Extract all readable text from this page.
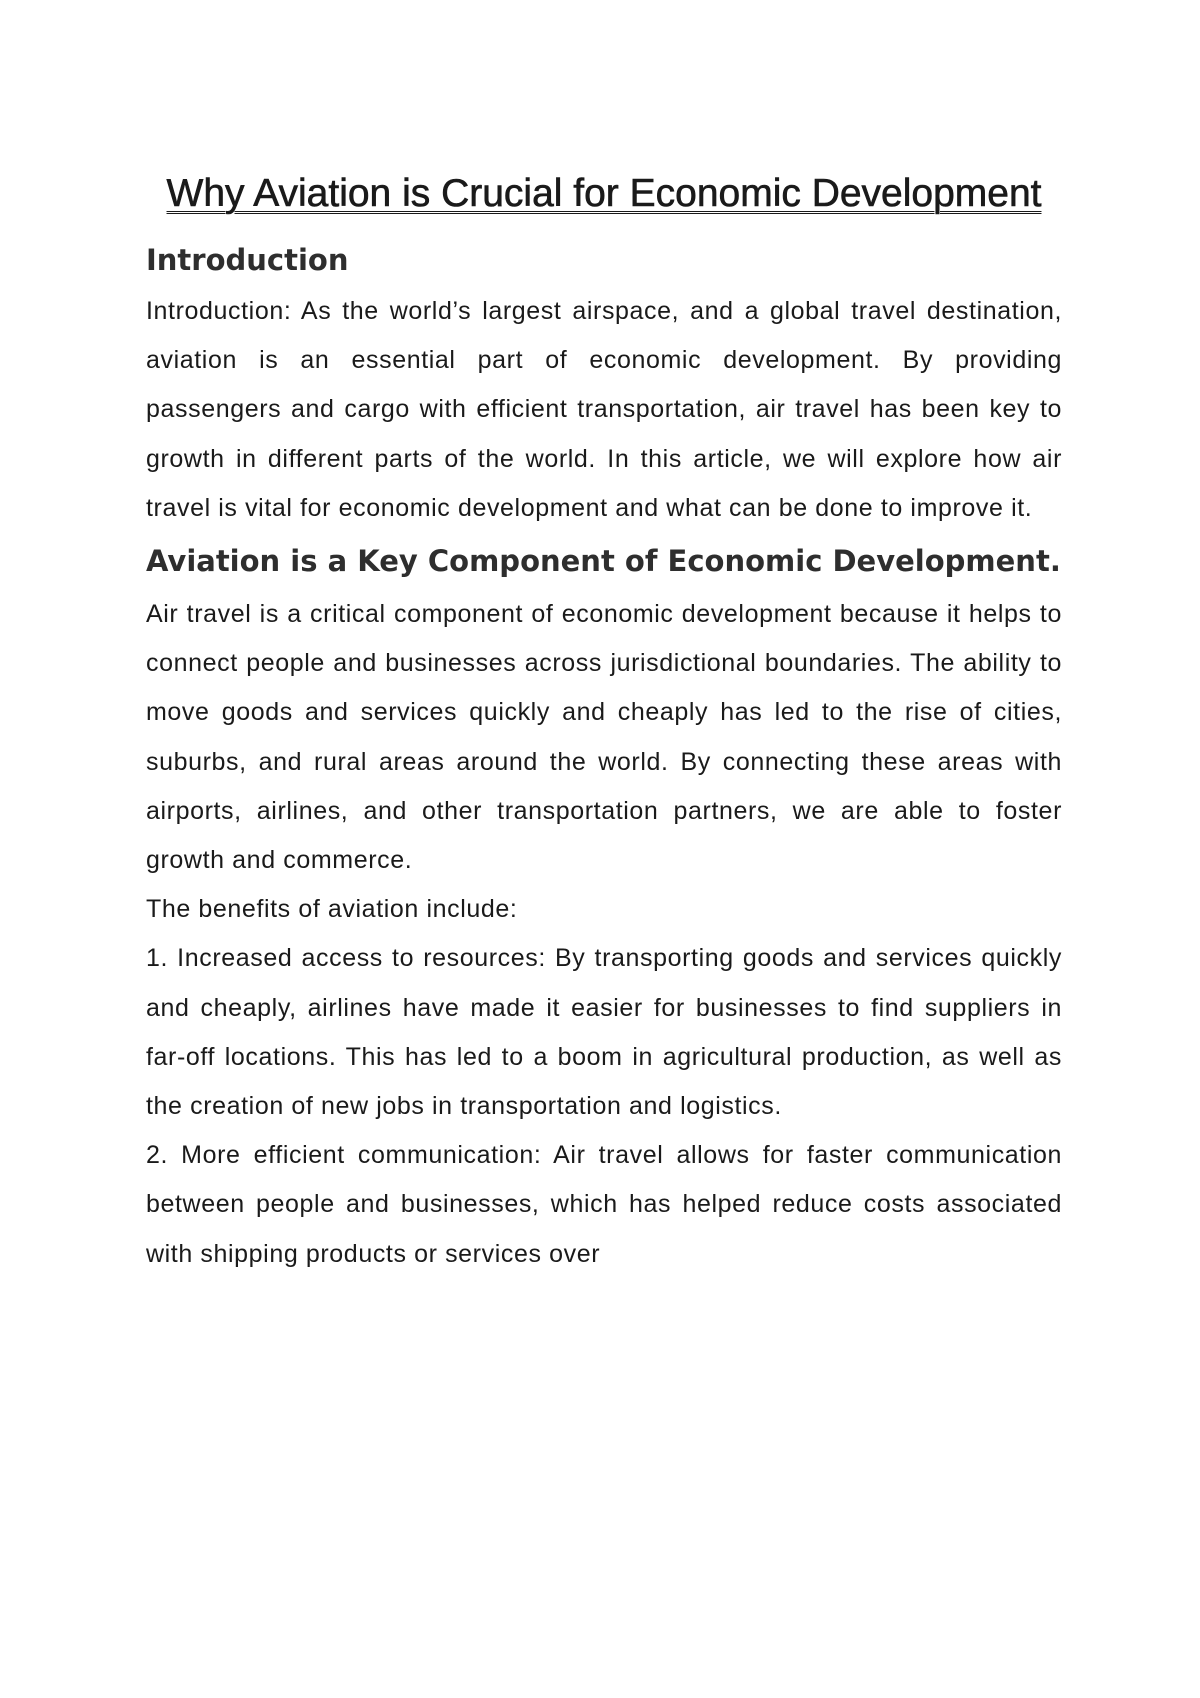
Why Aviation is Crucial for Economic Development
Introduction

Introduction: As the world’s largest airspace, and a global travel destination, aviation is an essential part of economic development. By providing passengers and cargo with efficient transportation, air travel has been key to growth in different parts of the world. In this article, we will explore how air travel is vital for economic development and what can be done to improve it.

Aviation is a Key Component of Economic Development.

Air travel is a critical component of economic development because it helps to connect people and businesses across jurisdictional boundaries. The ability to move goods and services quickly and cheaply has led to the rise of cities, suburbs, and rural areas around the world. By connecting these areas with airports, airlines, and other transportation partners, we are able to foster growth and commerce.

The benefits of aviation include:

1. Increased access to resources: By transporting goods and services quickly and cheaply, airlines have made it easier for businesses to find suppliers in far-off locations. This has led to a boom in agricultural production, as well as the creation of new jobs in transportation and logistics.

2. More efficient communication: Air travel allows for faster communication between people and businesses, which has helped reduce costs associated with shipping products or services over
